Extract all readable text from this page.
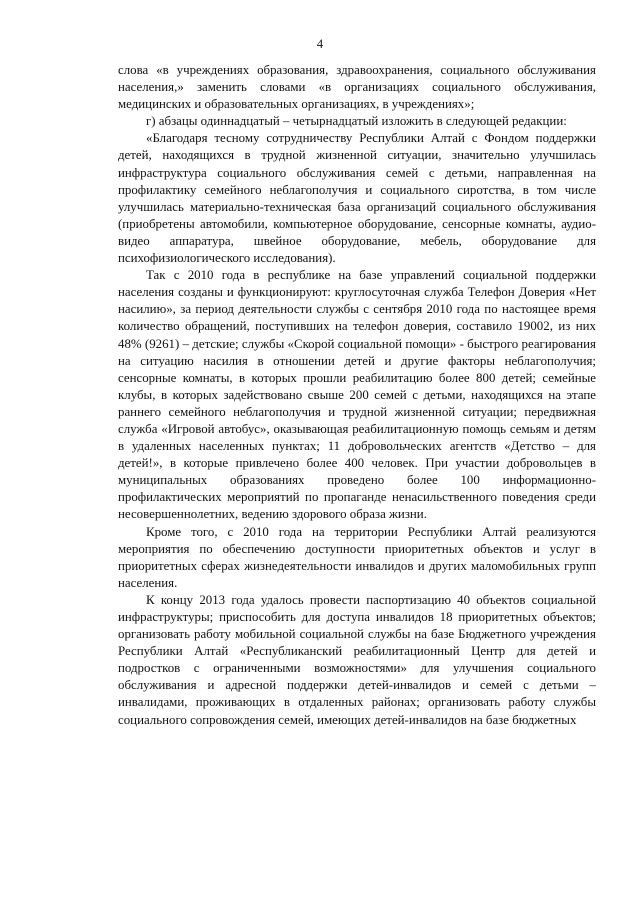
4

слова «в учреждениях образования, здравоохранения, социального обслуживания населения,» заменить словами «в организациях социального обслуживания, медицинских и образовательных организациях, в учреждениях»;

г) абзацы одиннадцатый – четырнадцатый изложить в следующей редакции:

«Благодаря тесному сотрудничеству Республики Алтай с Фондом поддержки детей, находящихся в трудной жизненной ситуации, значительно улучшилась инфраструктура социального обслуживания семей с детьми, направленная на профилактику семейного неблагополучия и социального сиротства, в том числе улучшилась материально-техническая база организаций социального обслуживания (приобретены автомобили, компьютерное оборудование, сенсорные комнаты, аудио-видео аппаратура, швейное оборудование, мебель, оборудование для психофизиологического исследования).

Так с 2010 года в республике на базе управлений социальной поддержки населения созданы и функционируют: круглосуточная служба Телефон Доверия «Нет насилию», за период деятельности службы с сентября 2010 года по настоящее время количество обращений, поступивших на телефон доверия, составило 19002, из них 48% (9261) – детские; службы «Скорой социальной помощи» - быстрого реагирования на ситуацию насилия в отношении детей и другие факторы неблагополучия; сенсорные комнаты, в которых прошли реабилитацию более 800 детей; семейные клубы, в которых задействовано свыше 200 семей с детьми, находящихся на этапе раннего семейного неблагополучия и трудной жизненной ситуации; передвижная служба «Игровой автобус», оказывающая реабилитационную помощь семьям и детям в удаленных населенных пунктах; 11 добровольческих агентств «Детство – для детей!», в которые привлечено более 400 человек. При участии добровольцев в муниципальных образованиях проведено более 100 информационно-профилактических мероприятий по пропаганде ненасильственного поведения среди несовершеннолетних, ведению здорового образа жизни.

Кроме того, с 2010 года на территории Республики Алтай реализуются мероприятия по обеспечению доступности приоритетных объектов и услуг в приоритетных сферах жизнедеятельности инвалидов и других маломобильных групп населения.

К концу 2013 года удалось провести паспортизацию 40 объектов социальной инфраструктуры; приспособить для доступа инвалидов 18 приоритетных объектов; организовать работу мобильной социальной службы на базе Бюджетного учреждения Республики Алтай «Республиканский реабилитационный Центр для детей и подростков с ограниченными возможностями» для улучшения социального обслуживания и адресной поддержки детей-инвалидов и семей с детьми – инвалидами, проживающих в отдаленных районах; организовать работу службы социального сопровождения семей, имеющих детей-инвалидов на базе бюджетных
